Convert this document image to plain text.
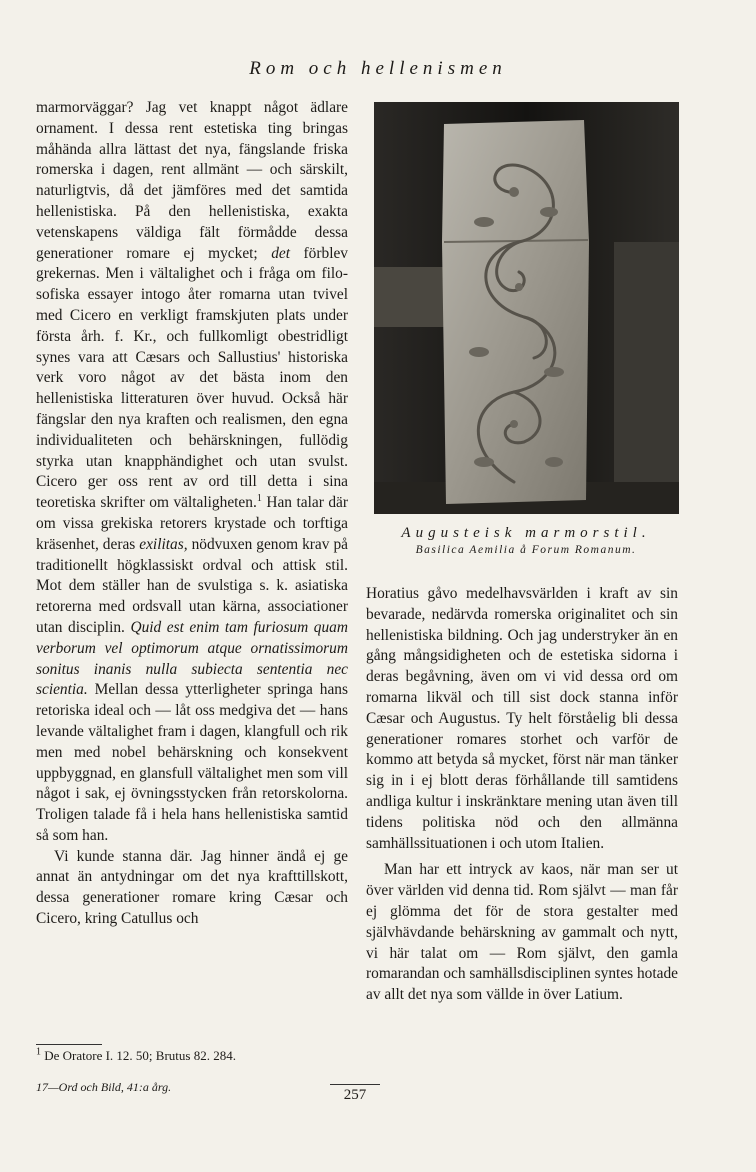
Rom och hellenismen

marmorväggar? Jag vet knappt något ädlare ornament. I dessa rent estetiska ting bringas måhända allra lättast det nya, fängslande friska romerska i dagen, rent allmänt — och särskilt, naturligtvis, då det jämföres med det samtida hellenistiska. På den hellenistiska, exakta vetenskapens väldiga fält förmådde dessa generationer romare ej mycket; det förblev grekernas. Men i vältalighet och i fråga om filo-sofiska essayer intogo åter romarna utan tvivel med Cicero en verkligt framskjuten plats under första årh. f. Kr., och fullkomligt obestridligt synes vara att Cæsars och Sallustius' historiska verk voro något av det bästa inom den hellenistiska litteraturen över huvud. Också här fängslar den nya kraften och realismen, den egna individualiteten och behärskningen, fullödig styrka utan knapphändighet och utan svulst. Cicero ger oss rent av ord till detta i sina teoretiska skrifter om vältaligheten.$^1$ Han talar där om vissa grekiska retorers krystade och torftiga kräsenhet, deras exilitas, nödvuxen genom krav på traditionellt högklassiskt ordval och attisk stil. Mot dem ställer han de svulstiga s. k. asiatiska retorerna med ordsvall utan kärna, associationer utan disciplin. Quid est enim tam furiosum quam verborum vel optimorum atque ornatissimorum sonitus inanis nulla subiecta sententia nec scientia. Mellan dessa ytterligheter springa hans retoriska ideal och — låt oss medgiva det — hans levande vältalighet fram i dagen, klangfull och rik men med nobel behärskning och konsekvent uppbyggnad, en glansfull vältalighet men som vill något i sak, ej övningsstycken från retorskolorna. Troligen talade få i hela hans hellenistiska samtid så som han.

Vi kunde stanna där. Jag hinner ändå ej ge annat än antydningar om det nya krafttillskott, dessa generationer romare kring Cæsar och Cicero, kring Catullus och

Augusteisk marmorstil.
Basilica Aemilia å Forum Romanum.

Horatius gåvo medelhavsvärlden i kraft av sin bevarade, nedärvda romerska originalitet och sin hellenistiska bildning. Och jag understryker än en gång mångsidigheten och de estetiska sidorna i deras begåvning, även om vi vid dessa ord om romarna likväl och till sist dock stanna inför Cæsar och Augustus. Ty helt förståelig bli dessa generationer romares storhet och varför de kommo att betyda så mycket, först när man tänker sig in i ej blott deras förhållande till samtidens andliga kultur i inskränktare mening utan även till tidens politiska nöd och den allmänna samhällssituationen i och utom Italien.

Man har ett intryck av kaos, när man ser ut över världen vid denna tid. Rom självt — man får ej glömma det för de stora gestalter med självhävdande behärskning av gammalt och nytt, vi här talat om — Rom självt, den gamla romarandan och samhällsdisciplinen syntes hotade av allt det nya som vällde in över Latium.

$^1$ De Oratore I. 12. 50; Brutus 82. 284.
17—Ord och Bild, 41:a årg.	257
